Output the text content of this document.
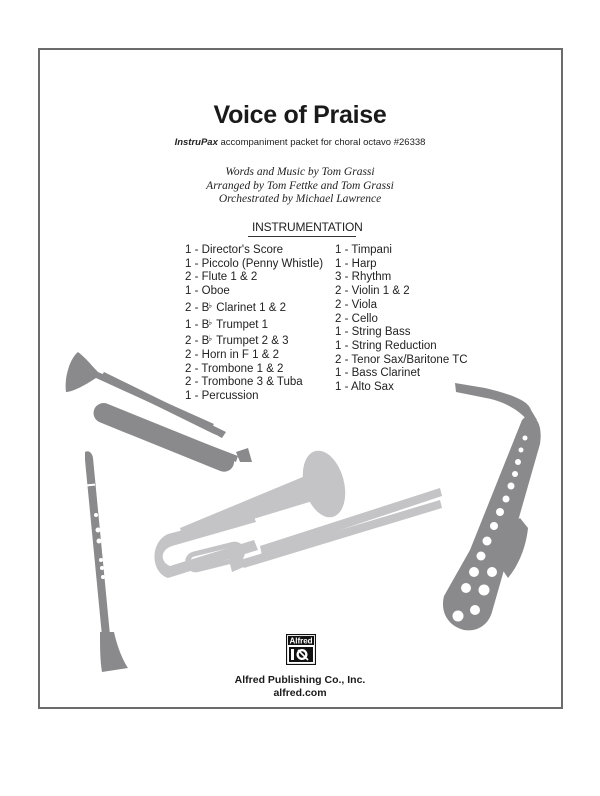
Voice of Praise
InstruPax accompaniment packet for choral octavo #26338
Words and Music by Tom Grassi
Arranged by Tom Fettke and Tom Grassi
Orchestrated by Michael Lawrence
INSTRUMENTATION
1 - Director's Score
1 - Piccolo (Penny Whistle)
2 - Flute 1 & 2
1 - Oboe
2 - B♭ Clarinet 1 & 2
1 - B♭ Trumpet 1
2 - B♭ Trumpet 2 & 3
2 - Horn in F 1 & 2
2 - Trombone 1 & 2
2 - Trombone 3 & Tuba
1 - Percussion
1 - Timpani
1 - Harp
3 - Rhythm
2 - Violin 1 & 2
2 - Viola
2 - Cello
1 - String Bass
1 - String Reduction
2 - Tenor Sax/Baritone TC
1 - Bass Clarinet
1 - Alto Sax
Alfred
Alfred Publishing Co., Inc.
alfred.com
